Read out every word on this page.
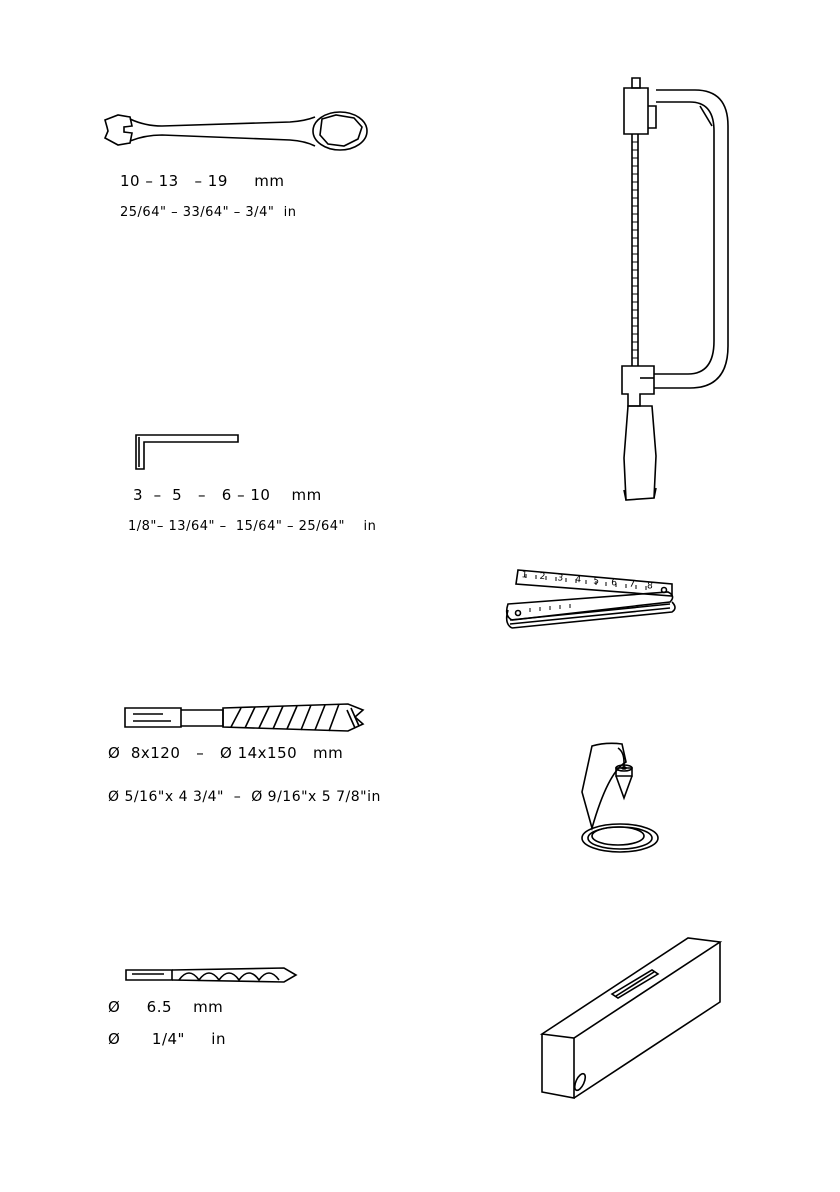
10 – 13   – 19     mm
25/64" – 33/64" – 3/4"  in
3  –  5   –   6 – 10    mm
1/8"– 13/64" –  15/64" – 25/64"    in
Ø  8x120   –   Ø 14x150   mm
Ø 5/16"x 4 3/4"  –  Ø 9/16"x 5 7/8"in
Ø     6.5    mm
Ø      1/4"     in
1 2 3 4 5 6 7 8
